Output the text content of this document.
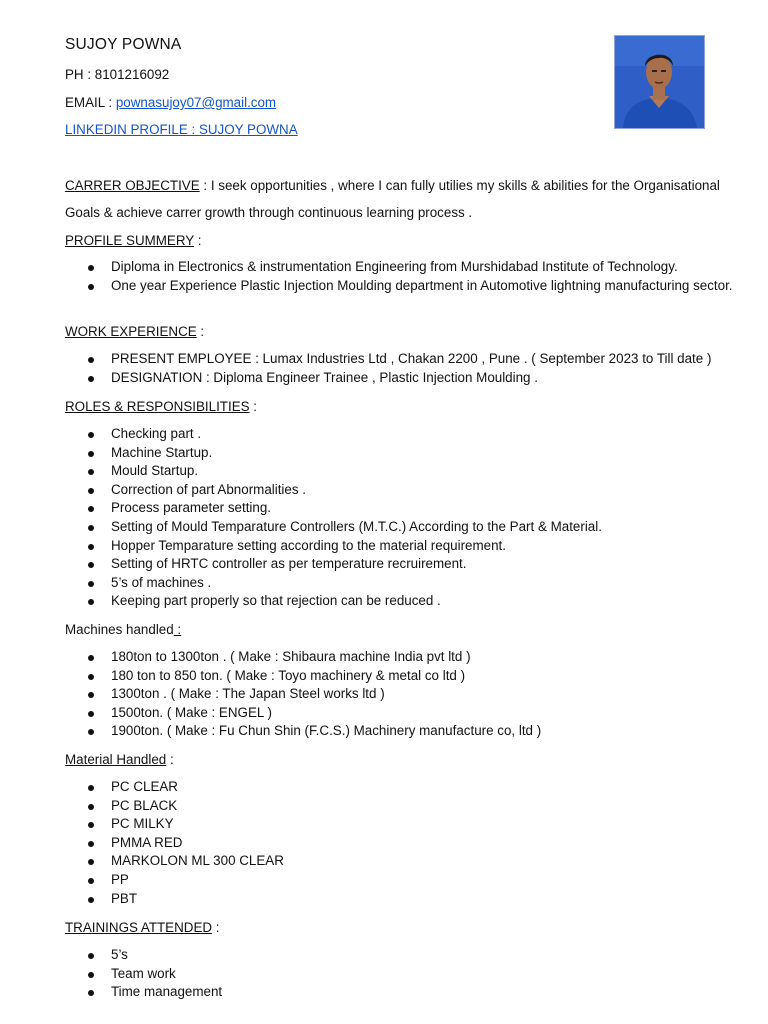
SUJOY POWNA
PH : 8101216092
EMAIL : pownasujoy07@gmail.com
LINKEDIN PROFILE : SUJOY POWNA
CARRER OBJECTIVE : I seek opportunities , where I can fully utilies my skills & abilities for the Organisational
Goals & achieve carrer growth through continuous learning process .
PROFILE SUMMERY :
Diploma in Electronics & instrumentation Engineering from Murshidabad Institute of Technology.
One year Experience Plastic Injection Moulding department in Automotive lightning manufacturing sector.
WORK EXPERIENCE :
PRESENT EMPLOYEE : Lumax Industries Ltd , Chakan 2200 , Pune . ( September 2023 to Till date )
DESIGNATION : Diploma Engineer Trainee , Plastic Injection Moulding .
ROLES & RESPONSIBILITIES :
Checking part .
Machine Startup.
Mould Startup.
Correction of part Abnormalities .
Process parameter setting.
Setting of Mould Temparature Controllers (M.T.C.) According to the Part & Material.
Hopper Temparature setting according to the material requirement.
Setting of HRTC controller as per temperature recruirement.
5’s of machines .
Keeping part properly so that rejection can be reduced .
Machines handled :
180ton to 1300ton . ( Make : Shibaura machine India pvt ltd )
180 ton to 850 ton. ( Make : Toyo machinery & metal co ltd )
1300ton . ( Make : The Japan Steel works ltd )
1500ton. ( Make : ENGEL )
1900ton. ( Make : Fu Chun Shin (F.C.S.) Machinery manufacture co, ltd )
Material Handled :
PC CLEAR
PC BLACK
PC MILKY
PMMA RED
MARKOLON ML 300 CLEAR
PP
PBT
TRAININGS ATTENDED :
5’s
Team work
Time management
